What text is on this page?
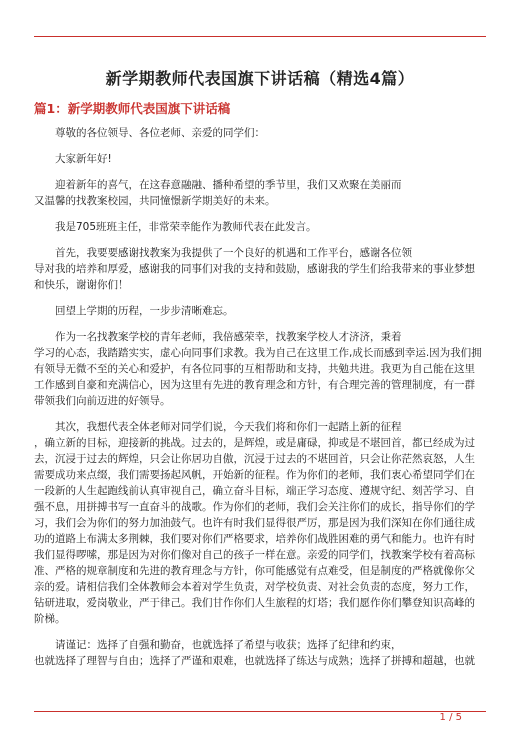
新学期教师代表国旗下讲话稿（精选4篇）
篇1：新学期教师代表国旗下讲话稿
尊敬的各位领导、各位老师、亲爱的同学们：
大家新年好!
迎着新年的喜气，在这春意融融、播种希望的季节里，我们又欢聚在美丽而
又温馨的找教案校园，共同憧憬新学期美好的未来。
我是705班班主任，非常荣幸能作为教师代表在此发言。
首先，我要要感谢找教案为我提供了一个良好的机遇和工作平台，感谢各位领
导对我的培养和厚爱，感谢我的同事们对我的支持和鼓励，感谢我的学生们给我带来的事业梦想
和快乐，谢谢你们！
回望上学期的历程，一步步清晰难忘。
作为一名找教案学校的青年老师，我倍感荣幸，找教案学校人才济济，秉着
学习的心态，我踏踏实实，虚心向同事们求教。我为自己在这里工作,成长而感到幸运.因为我们拥
有领导无微不至的关心和爱护，有各位同事的互相帮助和支持，共勉共进。我更为自己能在这里
工作感到自豪和充满信心，因为这里有先进的教育理念和方针，有合理完善的管理制度，有一群
带领我们向前迈进的好领导。
其次，我想代表全体老师对同学们说，今天我们将和你们一起踏上新的征程
，确立新的目标，迎接新的挑战。过去的，是辉煌，或是庸碌，抑或是不堪回首，都已经成为过
去，沉浸于过去的辉煌，只会让你居功自傲，沉浸于过去的不堪回首，只会让你茫然哀怒，人生
需要成功来点缀，我们需要扬起风帆，开始新的征程。作为你们的老师，我们衷心希望同学们在
一段新的人生起跑线前认真审视自己，确立奋斗目标，端正学习态度、遵规守纪、刻苦学习、自
强不息，用拼搏书写一直奋斗的战歌。作为你们的老师，我们会关注你们的成长，指导你们的学
习，我们会为你们的努力加油鼓气。也许有时我们显得很严厉，那是因为我们深知在你们通往成
功的道路上布满太多荆棘，我们要对你们严格要求，培养你们战胜困难的勇气和能力。也许有时
我们显得啰嗦，那是因为对你们像对自己的孩子一样在意。亲爱的同学们，找教案学校有着高标
准、严格的规章制度和先进的教育理念与方针，你可能感觉有点难受，但是制度的严格就像你父
亲的爱。请相信我们全体教师会本着对学生负责，对学校负责、对社会负责的态度，努力工作，
钻研进取，爱岗敬业，严于律己。我们甘作你们人生旅程的灯塔；我们愿作你们攀登知识高峰的
阶梯。
请谨记：选择了自强和勤奋，也就选择了希望与收获；选择了纪律和约束，
也就选择了理智与自由；选择了严谨和艰难，也就选择了练达与成熟；选择了拼搏和超越，也就
1 / 5
